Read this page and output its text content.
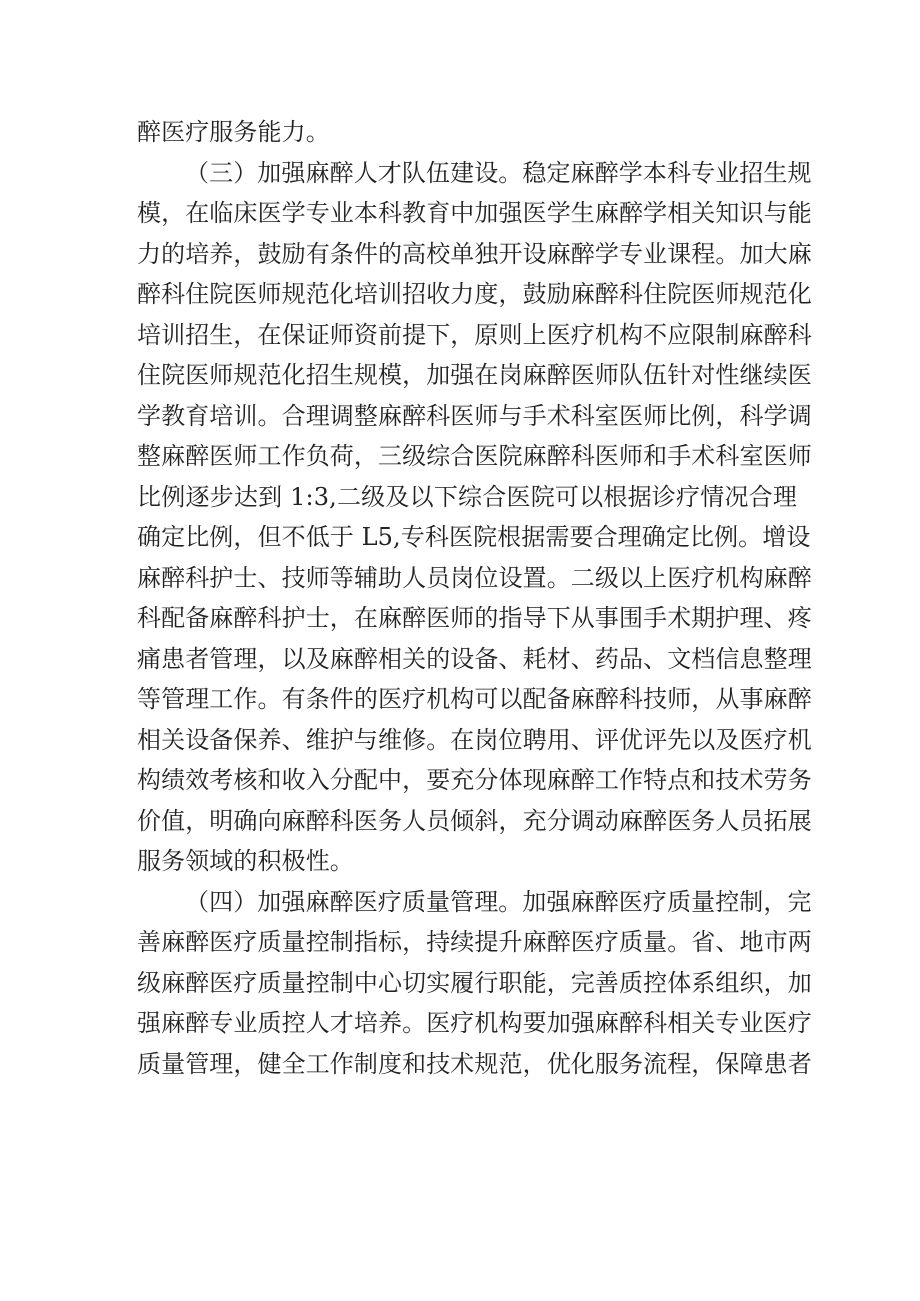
醉医疗服务能力。
（三）加强麻醉人才队伍建设。稳定麻醉学本科专业招生规
模，在临床医学专业本科教育中加强医学生麻醉学相关知识与能
力的培养，鼓励有条件的高校单独开设麻醉学专业课程。加大麻
醉科住院医师规范化培训招收力度，鼓励麻醉科住院医师规范化
培训招生，在保证师资前提下，原则上医疗机构不应限制麻醉科
住院医师规范化招生规模，加强在岗麻醉医师队伍针对性继续医
学教育培训。合理调整麻醉科医师与手术科室医师比例，科学调
整麻醉医师工作负荷，三级综合医院麻醉科医师和手术科室医师
比例逐步达到 1:3,二级及以下综合医院可以根据诊疗情况合理
确定比例，但不低于 L5,专科医院根据需要合理确定比例。增设
麻醉科护士、技师等辅助人员岗位设置。二级以上医疗机构麻醉
科配备麻醉科护士，在麻醉医师的指导下从事围手术期护理、疼
痛患者管理，以及麻醉相关的设备、耗材、药品、文档信息整理
等管理工作。有条件的医疗机构可以配备麻醉科技师，从事麻醉
相关设备保养、维护与维修。在岗位聘用、评优评先以及医疗机
构绩效考核和收入分配中，要充分体现麻醉工作特点和技术劳务
价值，明确向麻醉科医务人员倾斜，充分调动麻醉医务人员拓展
服务领域的积极性。
（四）加强麻醉医疗质量管理。加强麻醉医疗质量控制，完
善麻醉医疗质量控制指标，持续提升麻醉医疗质量。省、地市两
级麻醉医疗质量控制中心切实履行职能，完善质控体系组织，加
强麻醉专业质控人才培养。医疗机构要加强麻醉科相关专业医疗
质量管理，健全工作制度和技术规范，优化服务流程，保障患者
